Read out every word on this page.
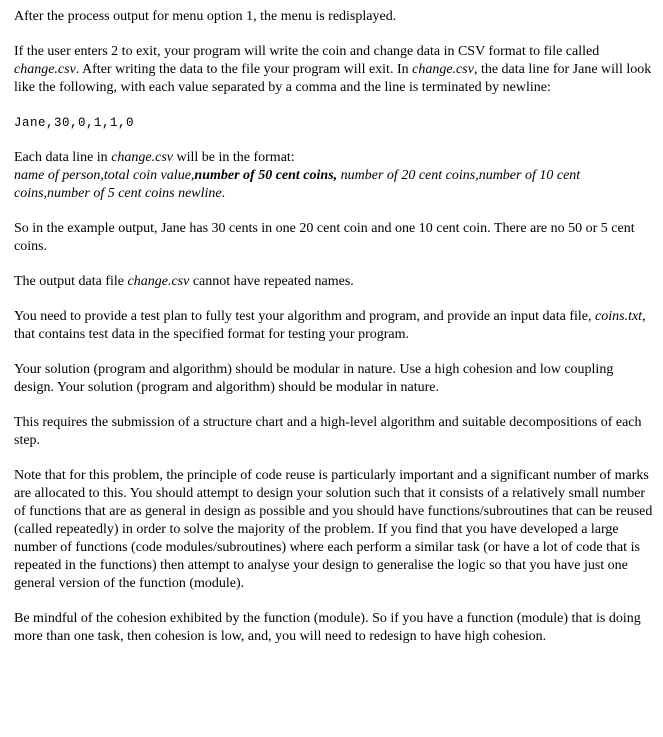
After the process output for menu option 1, the menu is redisplayed.

If the user enters 2 to exit, your program will write the coin and change data in CSV format to file called change.csv. After writing the data to the file your program will exit. In change.csv, the data line for Jane will look like the following, with each value separated by a comma and the line is terminated by newline:

Jane,30,0,1,1,0

Each data line in change.csv will be in the format:
name of person,total coin value,number of 50 cent coins, number of 20 cent coins,number of 10 cent coins,number of 5 cent coins newline.

So in the example output, Jane has 30 cents in one 20 cent coin and one 10 cent coin. There are no 50 or 5 cent coins.

The output data file change.csv cannot have repeated names.

You need to provide a test plan to fully test your algorithm and program, and provide an input data file, coins.txt, that contains test data in the specified format for testing your program.

Your solution (program and algorithm) should be modular in nature. Use a high cohesion and low coupling design. Your solution (program and algorithm) should be modular in nature.

This requires the submission of a structure chart and a high-level algorithm and suitable decompositions of each step.

Note that for this problem, the principle of code reuse is particularly important and a significant number of marks are allocated to this. You should attempt to design your solution such that it consists of a relatively small number of functions that are as general in design as possible and you should have functions/subroutines that can be reused (called repeatedly) in order to solve the majority of the problem. If you find that you have developed a large number of functions (code modules/subroutines) where each perform a similar task (or have a lot of code that is repeated in the functions) then attempt to analyse your design to generalise the logic so that you have just one general version of the function (module).

Be mindful of the cohesion exhibited by the function (module). So if you have a function (module) that is doing more than one task, then cohesion is low, and, you will need to redesign to have high cohesion.
